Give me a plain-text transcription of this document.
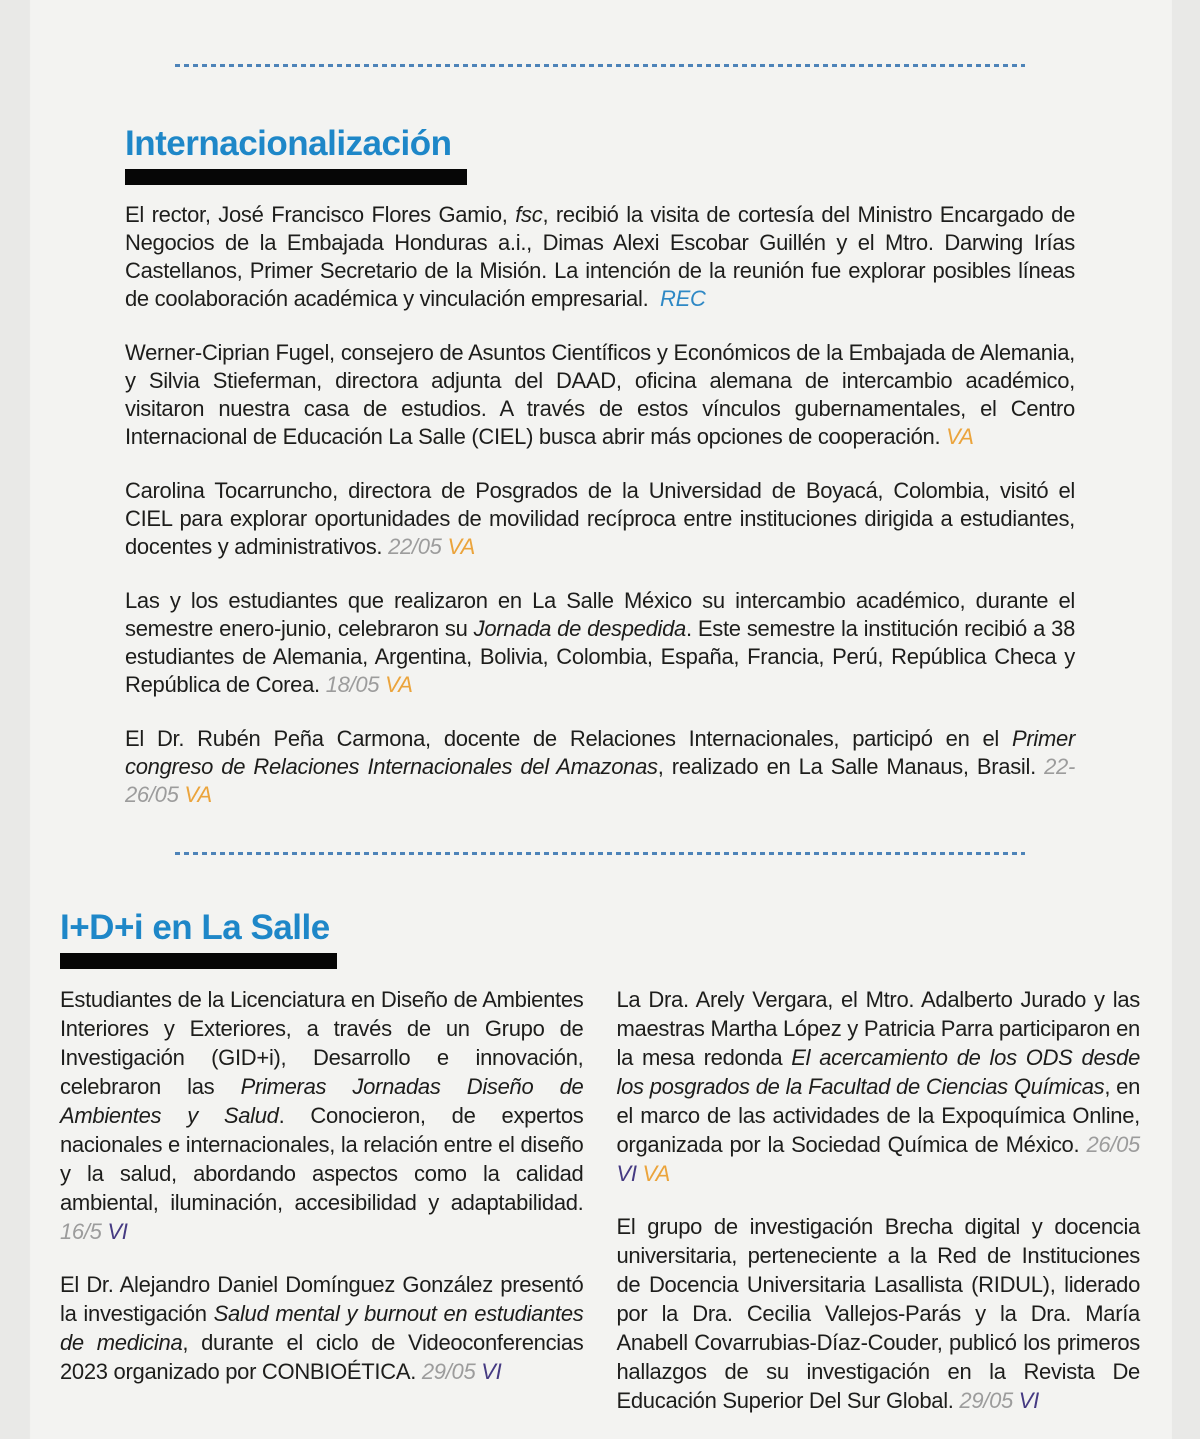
Internacionalización

El rector, José Francisco Flores Gamio, fsc, recibió la visita de cortesía del Ministro Encargado de Negocios de la Embajada Honduras a.i., Dimas Alexi Escobar Guillén y el Mtro. Darwing Irías Castellanos, Primer Secretario de la Misión. La intención de la reunión fue explorar posibles líneas de coolaboración académica y vinculación empresarial.  REC

Werner-Ciprian Fugel, consejero de Asuntos Científicos y Económicos de la Embajada de Alemania, y Silvia Stieferman, directora adjunta del DAAD, oficina alemana de intercambio académico, visitaron nuestra casa de estudios. A través de estos vínculos gubernamentales, el Centro Internacional de Educación La Salle (CIEL) busca abrir más opciones de cooperación. VA

Carolina Tocarruncho, directora de Posgrados de la Universidad de Boyacá, Colombia, visitó el CIEL para explorar oportunidades de movilidad recíproca entre instituciones dirigida a estudiantes, docentes y administrativos. 22/05 VA

Las y los estudiantes que realizaron en La Salle México su intercambio académico, durante el semestre enero-junio, celebraron su Jornada de despedida. Este semestre la institución recibió a 38 estudiantes de Alemania, Argentina, Bolivia, Colombia, España, Francia, Perú, República Checa y República de Corea. 18/05 VA

El Dr. Rubén Peña Carmona, docente de Relaciones Internacionales, participó en el Primer congreso de Relaciones Internacionales del Amazonas, realizado en La Salle Manaus, Brasil. 22-26/05 VA

I+D+i en La Salle

Estudiantes de la Licenciatura en Diseño de Ambientes Interiores y Exteriores, a través de un Grupo de Investigación (GID+i), Desarrollo e innovación, celebraron las Primeras Jornadas Diseño de Ambientes y Salud. Conocieron, de expertos nacionales e internacionales, la relación entre el diseño y la salud, abordando aspectos como la calidad ambiental, iluminación, accesibilidad y adaptabilidad. 16/5 VI

El Dr. Alejandro Daniel Domínguez González presentó la investigación Salud mental y burnout en estudiantes de medicina, durante el ciclo de Videoconferencias 2023 organizado por CONBIOÉTICA. 29/05 VI

La Dra. Arely Vergara, el Mtro. Adalberto Jurado y las maestras Martha López y Patricia Parra participaron en la mesa redonda El acercamiento de los ODS desde los posgrados de la Facultad de Ciencias Químicas, en el marco de las actividades de la Expoquímica Online, organizada por la Sociedad Química de México. 26/05 VI VA

El grupo de investigación Brecha digital y docencia universitaria, perteneciente a la Red de Instituciones de Docencia Universitaria Lasallista (RIDUL), liderado por la Dra. Cecilia Vallejos-Parás y la Dra. María Anabell Covarrubias-Díaz-Couder, publicó los primeros hallazgos de su investigación en la Revista De Educación Superior Del Sur Global. 29/05 VI
